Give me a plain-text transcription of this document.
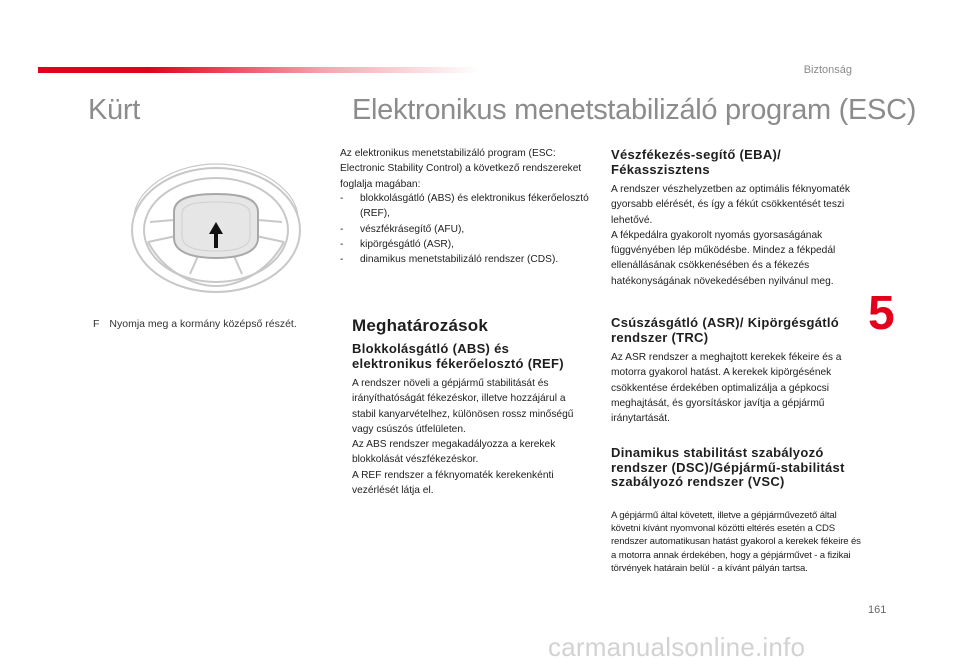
Biztonság
Kürt	Elektronikus menetstabilizáló program (ESC)
F Nyomja meg a kormány középső részét.
Az elektronikus menetstabilizáló program (ESC: Electronic Stability Control) a következő rendszereket foglalja magában:
-	blokkolásgátló (ABS) és elektronikus fékerőelosztó (REF),
-	vészfékrásegítő (AFU),
-	kipörgésgátló (ASR),
-	dinamikus menetstabilizáló rendszer (CDS).
Meghatározások
Blokkolásgátló (ABS) és elektronikus fékerőelosztó (REF)
A rendszer növeli a gépjármű stabilitását és irányíthatóságát fékezéskor, illetve hozzájárul a stabil kanyarvételhez, különösen rossz minőségű vagy csúszós útfelületen.
Az ABS rendszer megakadályozza a kerekek blokkolását vészfékezéskor.
A REF rendszer a féknyomaték kerekenkénti vezérlését látja el.
Vészfékezés-segítő (EBA)/ Fékasszisztens
A rendszer vészhelyzetben az optimális féknyomaték gyorsabb elérését, és így a fékút csökkentését teszi lehetővé.
A fékpedálra gyakorolt nyomás gyorsaságának függvényében lép működésbe. Mindez a fékpedál ellenállásának csökkenésében és a fékezés hatékonyságának növekedésében nyilvánul meg.
Csúszásgátló (ASR)/ Kipörgésgátló rendszer (TRC)
Az ASR rendszer a meghajtott kerekek fékeire és a motorra gyakorol hatást. A kerekek kipörgésének csökkentése érdekében optimalizálja a gépkocsi meghajtását, és gyorsításkor javítja a gépjármű iránytartását.
Dinamikus stabilitást szabályozó rendszer (DSC)/Gépjármű-stabilitást szabályozó rendszer (VSC)
A gépjármű által követett, illetve a gépjárművezető által követni kívánt nyomvonal közötti eltérés esetén a CDS rendszer automatikusan hatást gyakorol a kerekek fékeire és a motorra annak érdekében, hogy a gépjárművet - a fizikai törvények határain belül - a kívánt pályán tartsa.
5
161
carmanualsonline.info
